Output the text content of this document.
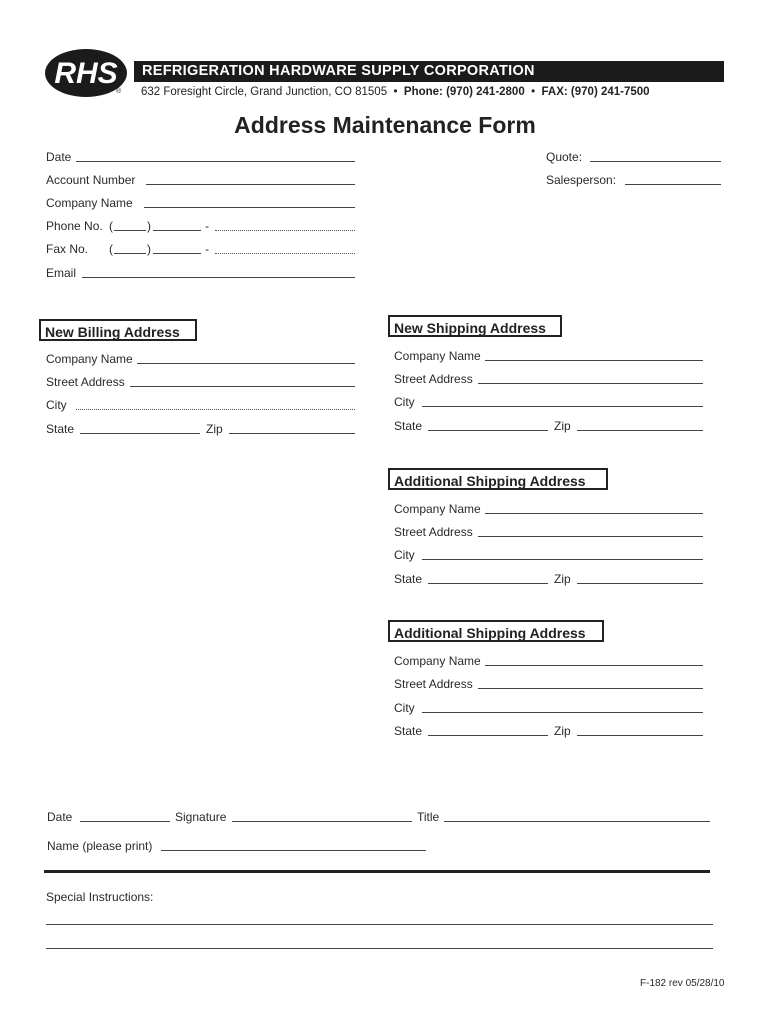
RHS
®
REFRIGERATION HARDWARE SUPPLY CORPORATION
632 Foresight Circle, Grand Junction, CO 81505 • Phone: (970) 241-2800 • FAX: (970) 241-7500
Address Maintenance Form
Date
Account Number
Company Name
Phone No. (	)	-
Fax No. (	)	-
Email
Quote:
Salesperson:
New Billing Address
Company Name
Street Address
City
State	Zip
New Shipping Address
Company Name
Street Address
City
State	Zip
Additional Shipping Address
Company Name
Street Address
City
State	Zip
Additional Shipping Address
Company Name
Street Address
City
State	Zip
Date	Signature	Title
Name (please print)
Special Instructions:
F-182 rev 05/28/10
